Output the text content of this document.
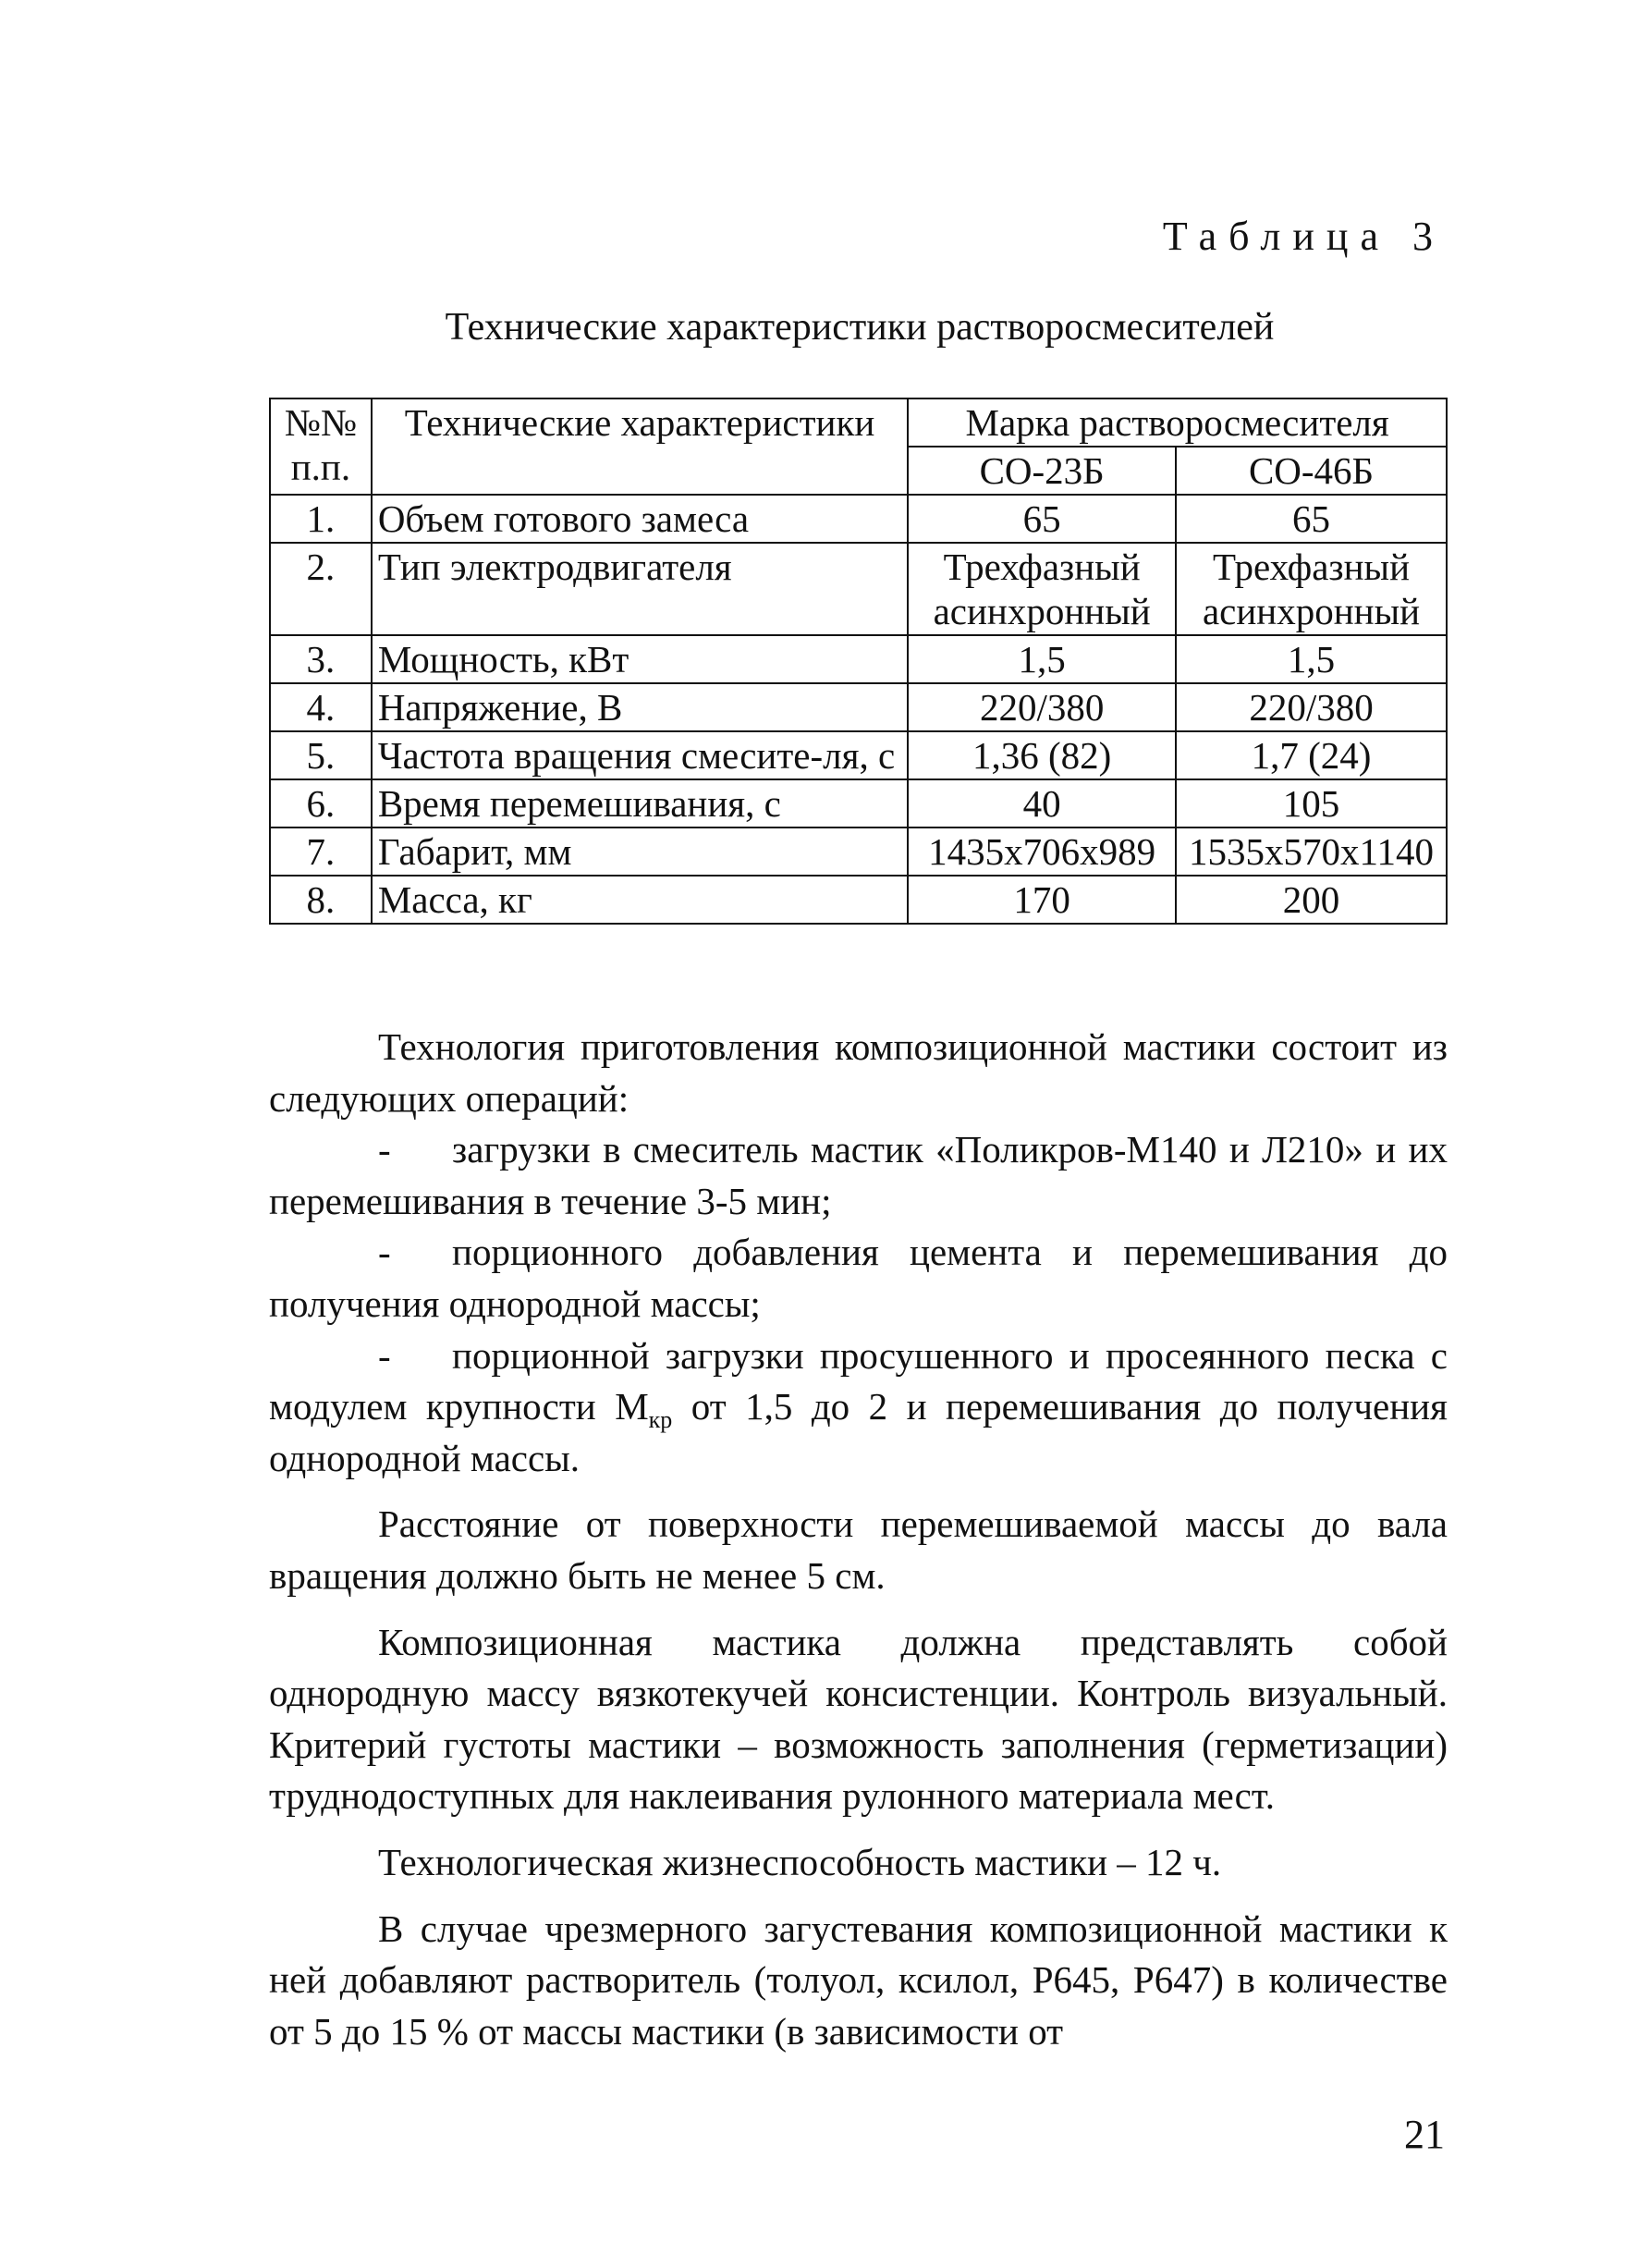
Таблица 3
Технические характеристики растворосмесителей
№№ п.п.	Технические характеристики	Марка растворосмесителя	
		СО-23Б	СО-46Б
1.	Объем готового замеса	65	65
2.	Тип электродвигателя	Трехфазный асинхронный	Трехфазный асинхронный
3.	Мощность, кВт	1,5	1,5
4.	Напряжение, В	220/380	220/380
5.	Частота вращения смесите-ля, с	1,36 (82)	1,7 (24)
6.	Время перемешивания, с	40	105
7.	Габарит, мм	1435x706x989	1535x570x1140
8.	Масса, кг	170	200

Технология приготовления композиционной мастики состоит из следующих операций:

- загрузки в смеситель мастик «Поликров-М140 и Л210» и их перемешивания в течение 3-5 мин;

- порционного добавления цемента и перемешивания до получения однородной массы;

- порционной загрузки просушенного и просеянного песка с модулем крупности $М_{кр}$ от 1,5 до 2 и перемешивания до получения однородной массы.

Расстояние от поверхности перемешиваемой массы до вала вращения должно быть не менее 5 см.

Композиционная мастика должна представлять собой однородную массу вязкотекучей консистенции. Контроль визуальный. Критерий густоты мастики – возможность заполнения (герметизации) труднодоступных для наклеивания рулонного материала мест.

Технологическая жизнеспособность мастики – 12 ч.

В случае чрезмерного загустевания композиционной мастики к ней добавляют растворитель (толуол, ксилол, Р645, Р647) в количестве от 5 до 15 % от массы мастики (в зависимости от

21
